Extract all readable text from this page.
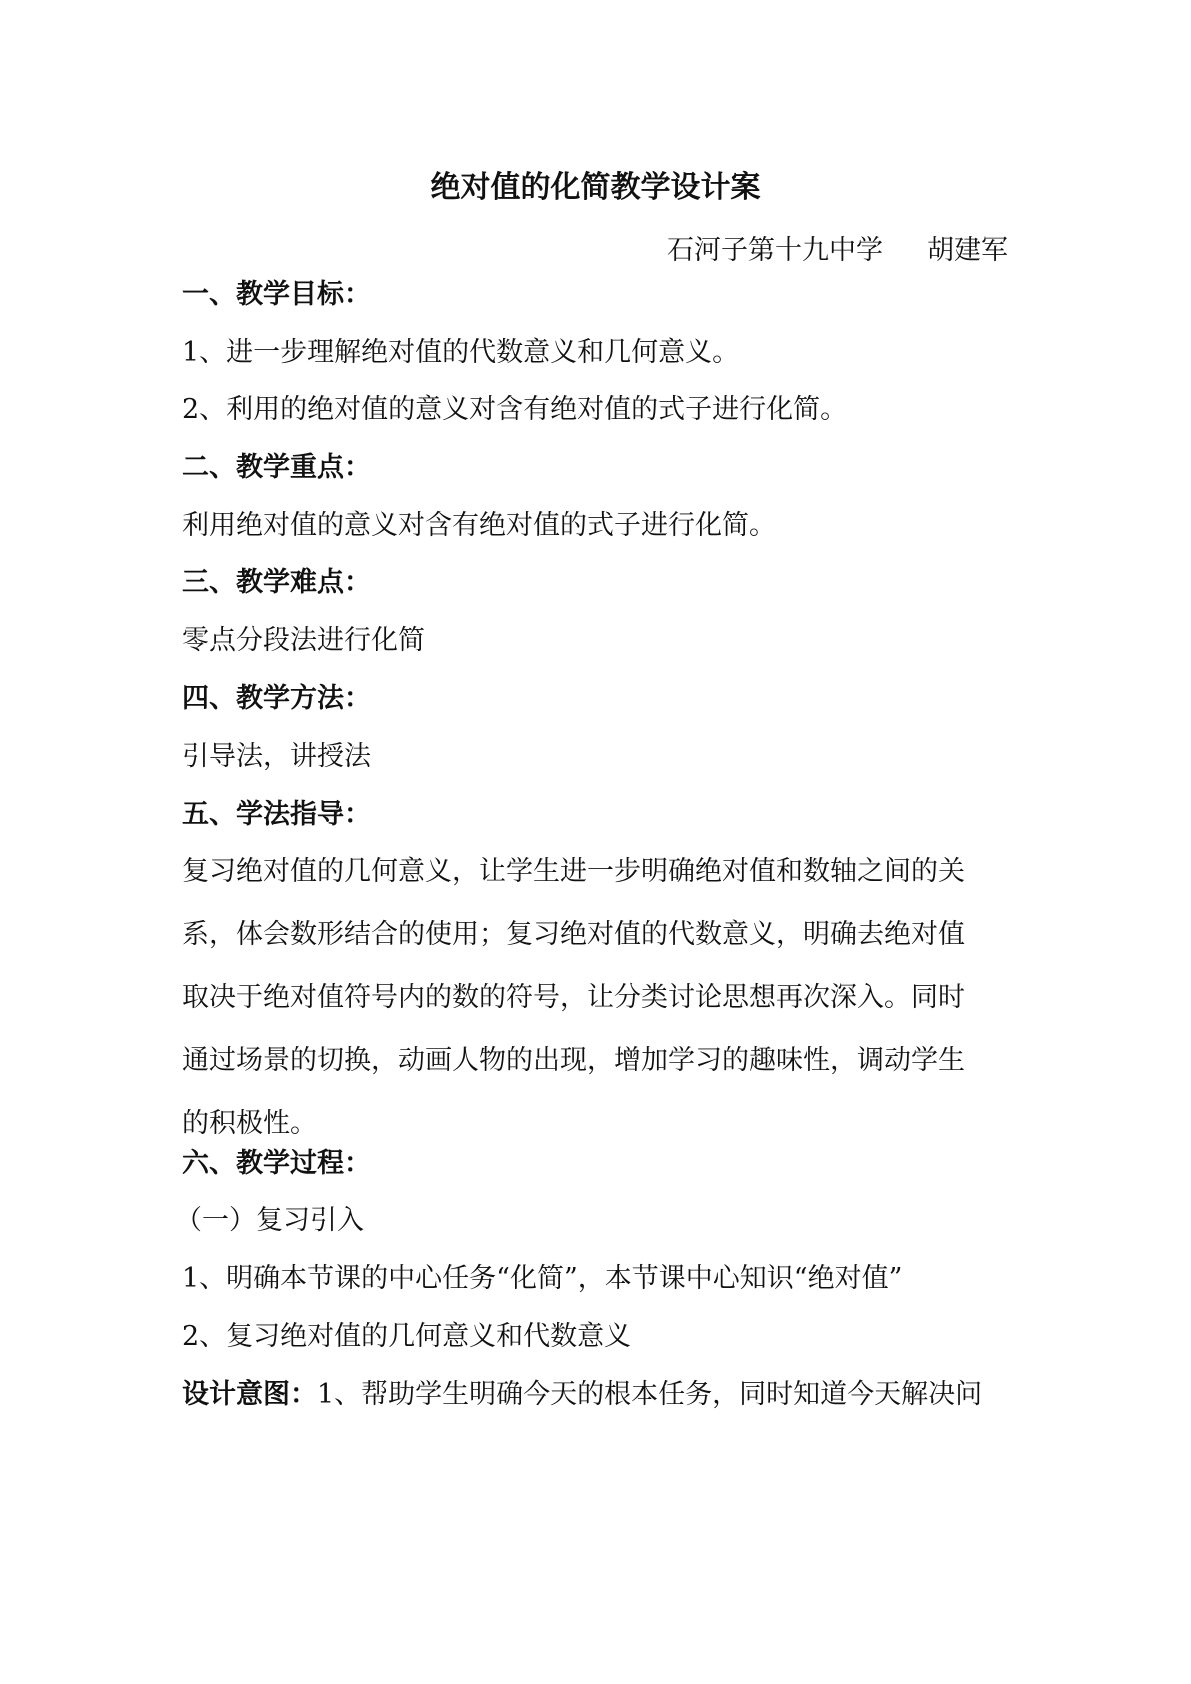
绝对值的化简教学设计案
石河子第十九中学 胡建军
一、教学目标：
1、进一步理解绝对值的代数意义和几何意义。
2、利用的绝对值的意义对含有绝对值的式子进行化简。
二、教学重点：
利用绝对值的意义对含有绝对值的式子进行化简。
三、教学难点：
零点分段法进行化简
四、教学方法：
引导法，讲授法
五、学法指导：
复习绝对值的几何意义，让学生进一步明确绝对值和数轴之间的关
系，体会数形结合的使用；复习绝对值的代数意义，明确去绝对值
取决于绝对值符号内的数的符号，让分类讨论思想再次深入。同时
通过场景的切换，动画人物的出现，增加学习的趣味性，调动学生
的积极性。
六、教学过程：
（一）复习引入
1、明确本节课的中心任务“化简”，本节课中心知识“绝对值”
2、复习绝对值的几何意义和代数意义
设计意图：1、帮助学生明确今天的根本任务，同时知道今天解决问
